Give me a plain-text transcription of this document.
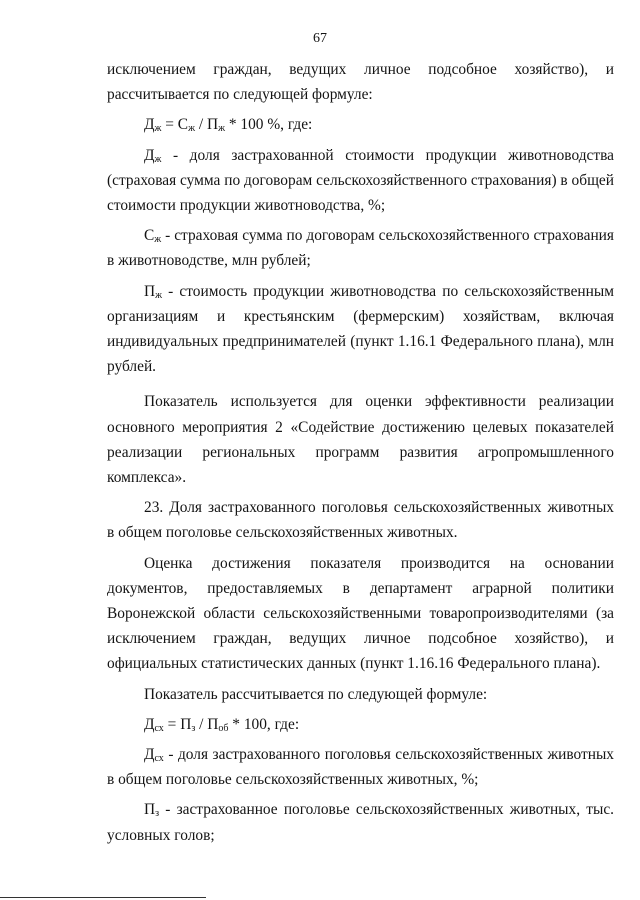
67

исключением граждан, ведущих личное подсобное хозяйство), и рассчитывается по следующей формуле:

$Д_ж = С_ж / П_ж * 100$ %, где:

$Д_ж$ - доля застрахованной стоимости продукции животноводства (страховая сумма по договорам сельскохозяйственного страхования) в общей стоимости продукции животноводства, %;

$С_ж$ - страховая сумма по договорам сельскохозяйственного страхования в животноводстве, млн рублей;

$П_ж$ - стоимость продукции животноводства по сельскохозяйственным организациям и крестьянским (фермерским) хозяйствам, включая индивидуальных предпринимателей (пункт 1.16.1 Федерального плана), млн рублей.

Показатель используется для оценки эффективности реализации основного мероприятия 2 «Содействие достижению целевых показателей реализации региональных программ развития агропромышленного комплекса».

23. Доля застрахованного поголовья сельскохозяйственных животных в общем поголовье сельскохозяйственных животных.

Оценка достижения показателя производится на основании документов, предоставляемых в департамент аграрной политики Воронежской области сельскохозяйственными товаропроизводителями (за исключением граждан, ведущих личное подсобное хозяйство), и официальных статистических данных (пункт 1.16.16 Федерального плана).

Показатель рассчитывается по следующей формуле:

$Д_{сх} = П_з / П_{об} * 100$, где:

$Д_{сх}$ - доля застрахованного поголовья сельскохозяйственных животных в общем поголовье сельскохозяйственных животных, %;

$П_з$ - застрахованное поголовье сельскохозяйственных животных, тыс. условных голов;
